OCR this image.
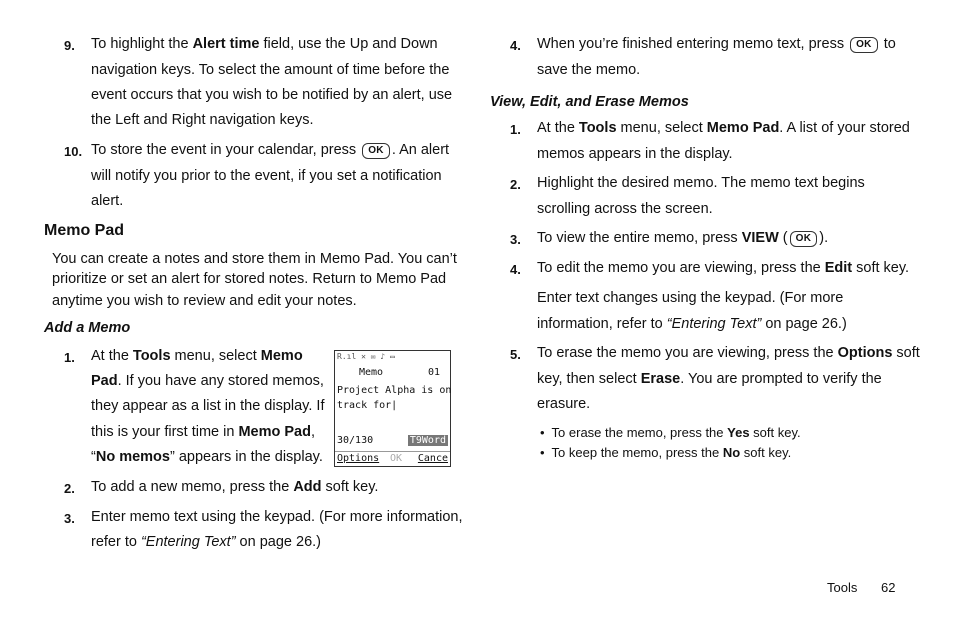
9. To highlight the Alert time field, use the Up and Down
navigation keys. To select the amount of time before the
event occurs that you wish to be notified by an alert, use
the Left and Right navigation keys.
10. To store the event in your calendar, press OK . An alert
will notify you prior to the event, if you set a notification
alert.
Memo Pad
You can create a notes and store them in Memo Pad. You can’t
prioritize or set an alert for stored notes. Return to Memo Pad
anytime you wish to review and edit your notes.
Add a Memo
1. At the Tools menu, select Memo
Pad. If you have any stored memos,
they appear as a list in the display. If
this is your first time in Memo Pad,
“No memos” appears in the display.
2. To add a new memo, press the Add soft key.
3. Enter memo text using the keypad. (For more information,
refer to “Entering Text” on page 26.)
R.ıl ✕ ✉ ♪ ▭
Memo	01
Project Alpha is on
track for|
30/130	T9Word
Options OK Cance
4. When you’re finished entering memo text, press OK to
save the memo.
View, Edit, and Erase Memos
1. At the Tools menu, select Memo Pad. A list of your stored
memos appears in the display.
2. Highlight the desired memo. The memo text begins
scrolling across the screen.
3. To view the entire memo, press VIEW ( OK ).
4. To edit the memo you are viewing, press the Edit soft key.
Enter text changes using the keypad. (For more
information, refer to “Entering Text” on page 26.)
5. To erase the memo you are viewing, press the Options soft
key, then select Erase. You are prompted to verify the
erasure.
•  To erase the memo, press the Yes soft key.
•  To keep the memo, press the No soft key.
Tools 62
